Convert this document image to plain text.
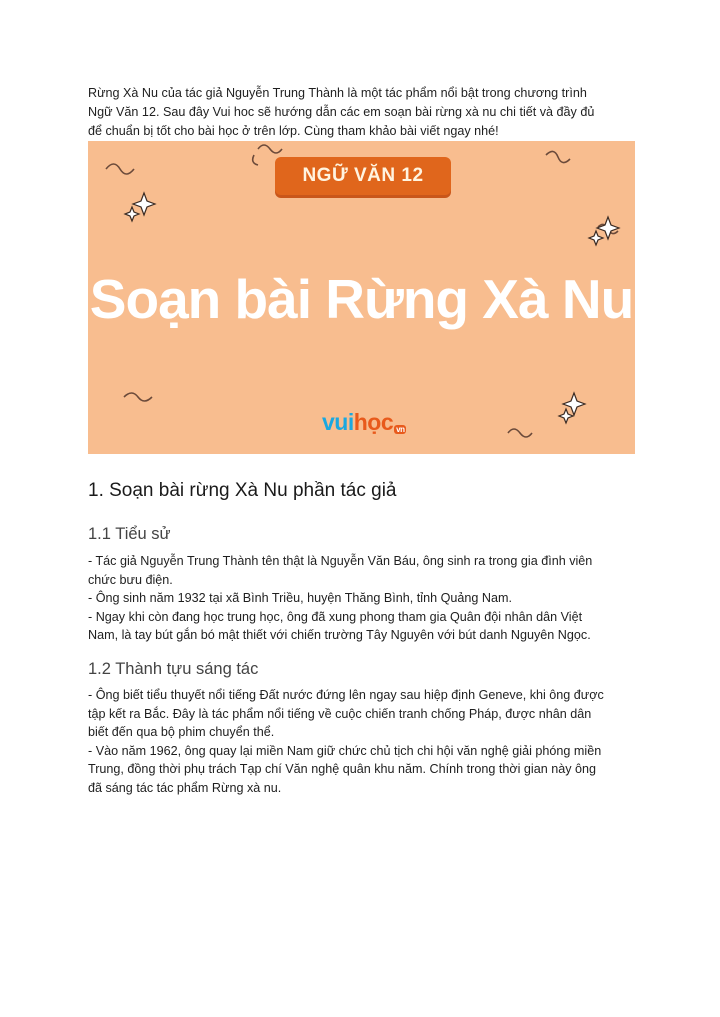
Rừng Xà Nu của tác giả Nguyễn Trung Thành là một tác phẩm nổi bật trong chương trình

Ngữ Văn 12. Sau đây Vui hoc sẽ hướng dẫn các em soạn bài rừng xà nu chi tiết và đầy đủ

để chuẩn bị tốt cho bài học ở trên lớp. Cùng tham khảo bài viết ngay nhé!

NGỮ VĂN 12
Soạn bài Rừng Xà Nu
vuihọc vn
1. Soạn bài rừng Xà Nu phần tác giả
1.1 Tiểu sử

- Tác giả Nguyễn Trung Thành tên thật là Nguyễn Văn Báu, ông sinh ra trong gia đình viên

chức bưu điện.

- Ông sinh năm 1932 tại xã Bình Triều, huyện Thăng Bình, tỉnh Quảng Nam.

- Ngay khi còn đang học trung học, ông đã xung phong tham gia Quân đội nhân dân Việt

Nam, là tay bút gắn bó mật thiết với chiến trường Tây Nguyên với bút danh Nguyên Ngọc.

1.2 Thành tựu sáng tác

- Ông biết tiểu thuyết nổi tiếng Đất nước đứng lên ngay sau hiệp định Geneve, khi ông được

tập kết ra Bắc. Đây là tác phẩm nổi tiếng về cuộc chiến tranh chống Pháp, được nhân dân

biết đến qua bộ phim chuyển thể.

- Vào năm 1962, ông quay lại miền Nam giữ chức chủ tịch chi hội văn nghệ giải phóng miền

Trung, đồng thời phụ trách Tạp chí Văn nghệ quân khu năm. Chính trong thời gian này ông

đã sáng tác tác phẩm Rừng xà nu.
